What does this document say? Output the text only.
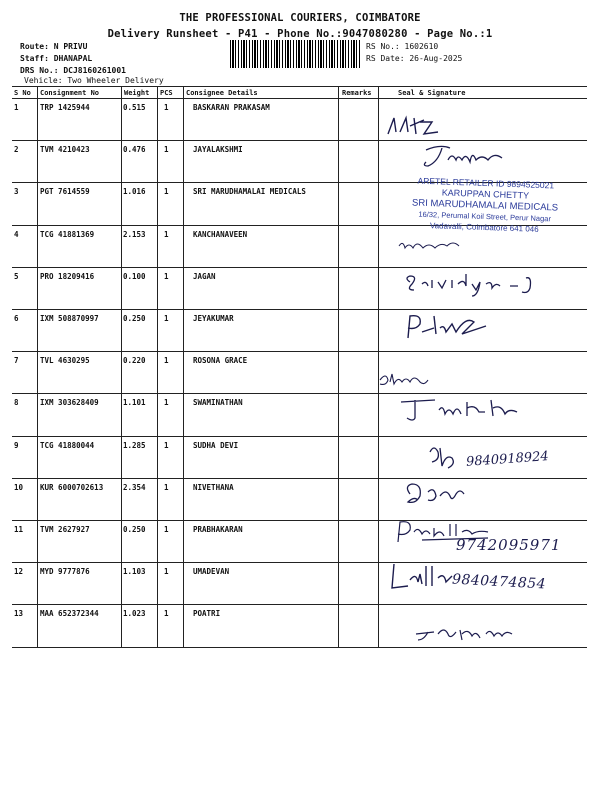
THE PROFESSIONAL COURIERS, COIMBATORE
Delivery Runsheet - P41 - Phone No.:9047080280 - Page No.:1
Route: N PRIVU
Staff: DHANAPAL
DRS No.: DCJ8160261001
Vehicle: Two Wheeler Delivery
RS No.: 1602610
RS Date: 26-Aug-2025
S No Consignment No	Weight PCS Consignee Details	Remarks	Seal & Signature
1	TRP 1425944	0.515 1	BASKARAN PRAKASAM
2	TVM 4210423	0.476 1	JAYALAKSHMI
3	PGT 7614559	1.016 1	SRI MARUDHAMALAI MEDICALS
4	TCG 41881369	2.153 1	KANCHANAVEEN
5	PRO 18209416	0.100 1	JAGAN
6	IXM 508870997	0.250 1	JEYAKUMAR
7	TVL 4630295	0.220 1	ROSONA GRACE
8	IXM 303628409	1.101 1	SWAMINATHAN
9	TCG 41880044	1.285 1	SUDHA DEVI
10 KUR 6000702613	2.354 1	NIVETHANA
11 TVM 2627927	0.250 1	PRABHAKARAN
12 MYD 9777876	1.103 1	UMADEVAN
13 MAA 652372344	1.023 1	POATRI
ARETEL RETAILER ID 9894525021
KARUPPAN CHETTY
SRI MARUDHAMALAI MEDICALS
16/32, Perumal Koil Street, Perur Nagar
Vadavalli, Coimbatore 641 046
9840918924
9742095971
9840474854
